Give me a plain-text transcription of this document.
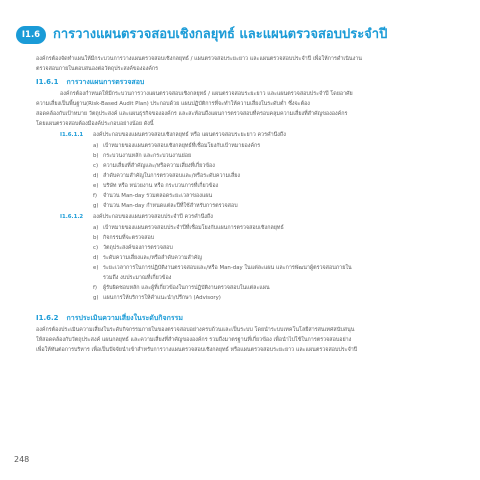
I1.6 การวางแผนตรวจสอบเชิงกลยุทธ์ และแผนตรวจสอบประจำปี
องค์กรต้องจัดทำแผนให้มีกระบวนการวางแผนตรวจสอบเชิงกลยุทธ์ / แผนตรวจสอบระยะยาว และแผนตรวจสอบประจำปี เพื่อให้การดำเนินงาน
ตรวจสอบภายในตอบสนองต่อวัตถุประสงค์ขององค์กร
I1.6.1 การวางแผนการตรวจสอบ
องค์กรต้องกำหนดให้มีกระบวนการวางแผนตรวจสอบเชิงกลยุทธ์ / แผนตรวจสอบระยะยาว และแผนตรวจสอบประจำปี โดยอาศัย
ความเสี่ยงเป็นพื้นฐาน(Risk-Based Audit Plan) ประกอบด้วย แผนปฏิบัติการที่จะทำให้ความเสี่ยงในระดับต่ำ ซึ่งจะต้อง
สอดคล้องกับเป้าหมาย วัตถุประสงค์ และแผนธุรกิจขององค์กร และสะท้อนถึงแผนการตรวจสอบที่ครอบคลุมความเสี่ยงที่สำคัญขององค์กร
โดยแผนตรวจสอบต้องมีองค์ประกอบอย่างน้อย ดังนี้
I1.6.1.1 องค์ประกอบของแผนตรวจสอบเชิงกลยุทธ์ หรือ แผนตรวจสอบระยะยาว ควรคำนึงถึง
a) เป้าหมายของแผนตรวจสอบเชิงกลยุทธ์ที่เชื่อมโยงกับเป้าหมายองค์กร
b) กระบวนงานหลัก และกระบวนงานย่อย
c) ความเสี่ยงที่สำคัญและ/หรือความเสี่ยงที่เกี่ยวข้อง
d) ลำดับความสำคัญในการตรวจสอบและ/หรือระดับความเสี่ยง
e) บริษัท หรือ หน่วยงาน หรือ กระบวนการที่เกี่ยวข้อง
f) จำนวน Man-day รวมตลอดระยะเวลาของแผน
g) จำนวน Man-day กำหนดแต่ละปีที่ใช้สำหรับการตรวจสอบ
I1.6.1.2 องค์ประกอบของแผนตรวจสอบประจำปี ควรคำนึงถึง
a) เป้าหมายของแผนตรวจสอบประจำปีที่เชื่อมโยงกับแผนการตรวจสอบเชิงกลยุทธ์
b) กิจกรรมที่จะตรวจสอบ
c) วัตถุประสงค์ของการตรวจสอบ
d) ระดับความเสี่ยงและ/หรือลำดับความสำคัญ
e) ระยะเวลาการในการปฏิบัติงานตรวจสอบและ/หรือ Man-day ในแต่ละแผน และการพัฒนาผู้ตรวจสอบภายใน
รวมถึง งบประมาณที่เกี่ยวข้อง
f) ผู้รับผิดชอบหลัก และผู้ที่เกี่ยวข้องในการปฏิบัติงานตรวจสอบในแต่ละแผน
g) แผนการให้บริการให้คำแนะนำ/ปรึกษา (Advisory)
I1.6.2 การประเมินความเสี่ยงในระดับกิจกรรม
องค์กรต้องประเมินความเสี่ยงในระดับกิจกรรมภายในของตรวจสอบอย่างครบถ้วนและเป็นระบบ โดยนำระบบเทคโนโลยีสารสนเทศสนับสนุน
ให้สอดคล้องกับวัตถุประสงค์ แผนกลยุทธ์ และความเสี่ยงที่สำคัญขององค์กร รวมถึงมาตรฐานที่เกี่ยวข้อง เพื่อนำไปใช้ในการตรวจสอบอย่าง
เพื่อให้ทันต่อการบริหาร เพื่อเป็นปัจจัยนำเข้าสำหรับการวางแผนตรวจสอบเชิงกลยุทธ์ หรือแผนตรวจสอบระยะยาว และแผนตรวจสอบประจำปี
248
